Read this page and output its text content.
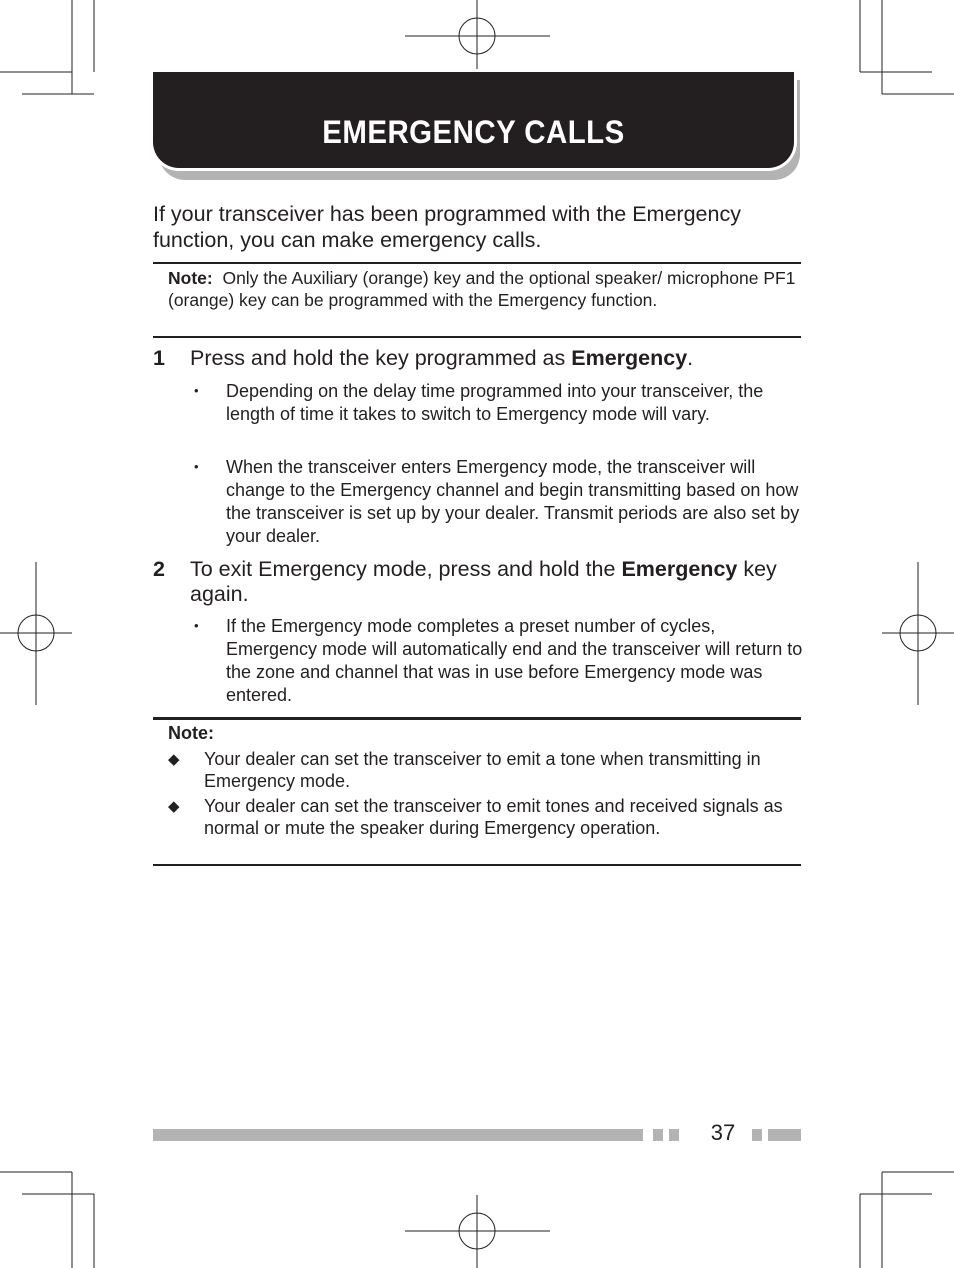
EMERGENCY CALLS

If your transceiver has been programmed with the Emergency function, you can make emergency calls.

Note: Only the Auxiliary (orange) key and the optional speaker/ microphone PF1 (orange) key can be programmed with the Emergency function.
1 Press and hold the key programmed as Emergency.
• Depending on the delay time programmed into your transceiver, the length of time it takes to switch to Emergency mode will vary.
• When the transceiver enters Emergency mode, the transceiver will change to the Emergency channel and begin transmitting based on how the transceiver is set up by your dealer. Transmit periods are also set by your dealer.
2 To exit Emergency mode, press and hold the Emergency key again.
• If the Emergency mode completes a preset number of cycles, Emergency mode will automatically end and the transceiver will return to the zone and channel that was in use before Emergency mode was entered.
Note:
◆ Your dealer can set the transceiver to emit a tone when transmitting in Emergency mode.
◆ Your dealer can set the transceiver to emit tones and received signals as normal or mute the speaker during Emergency operation.
37
